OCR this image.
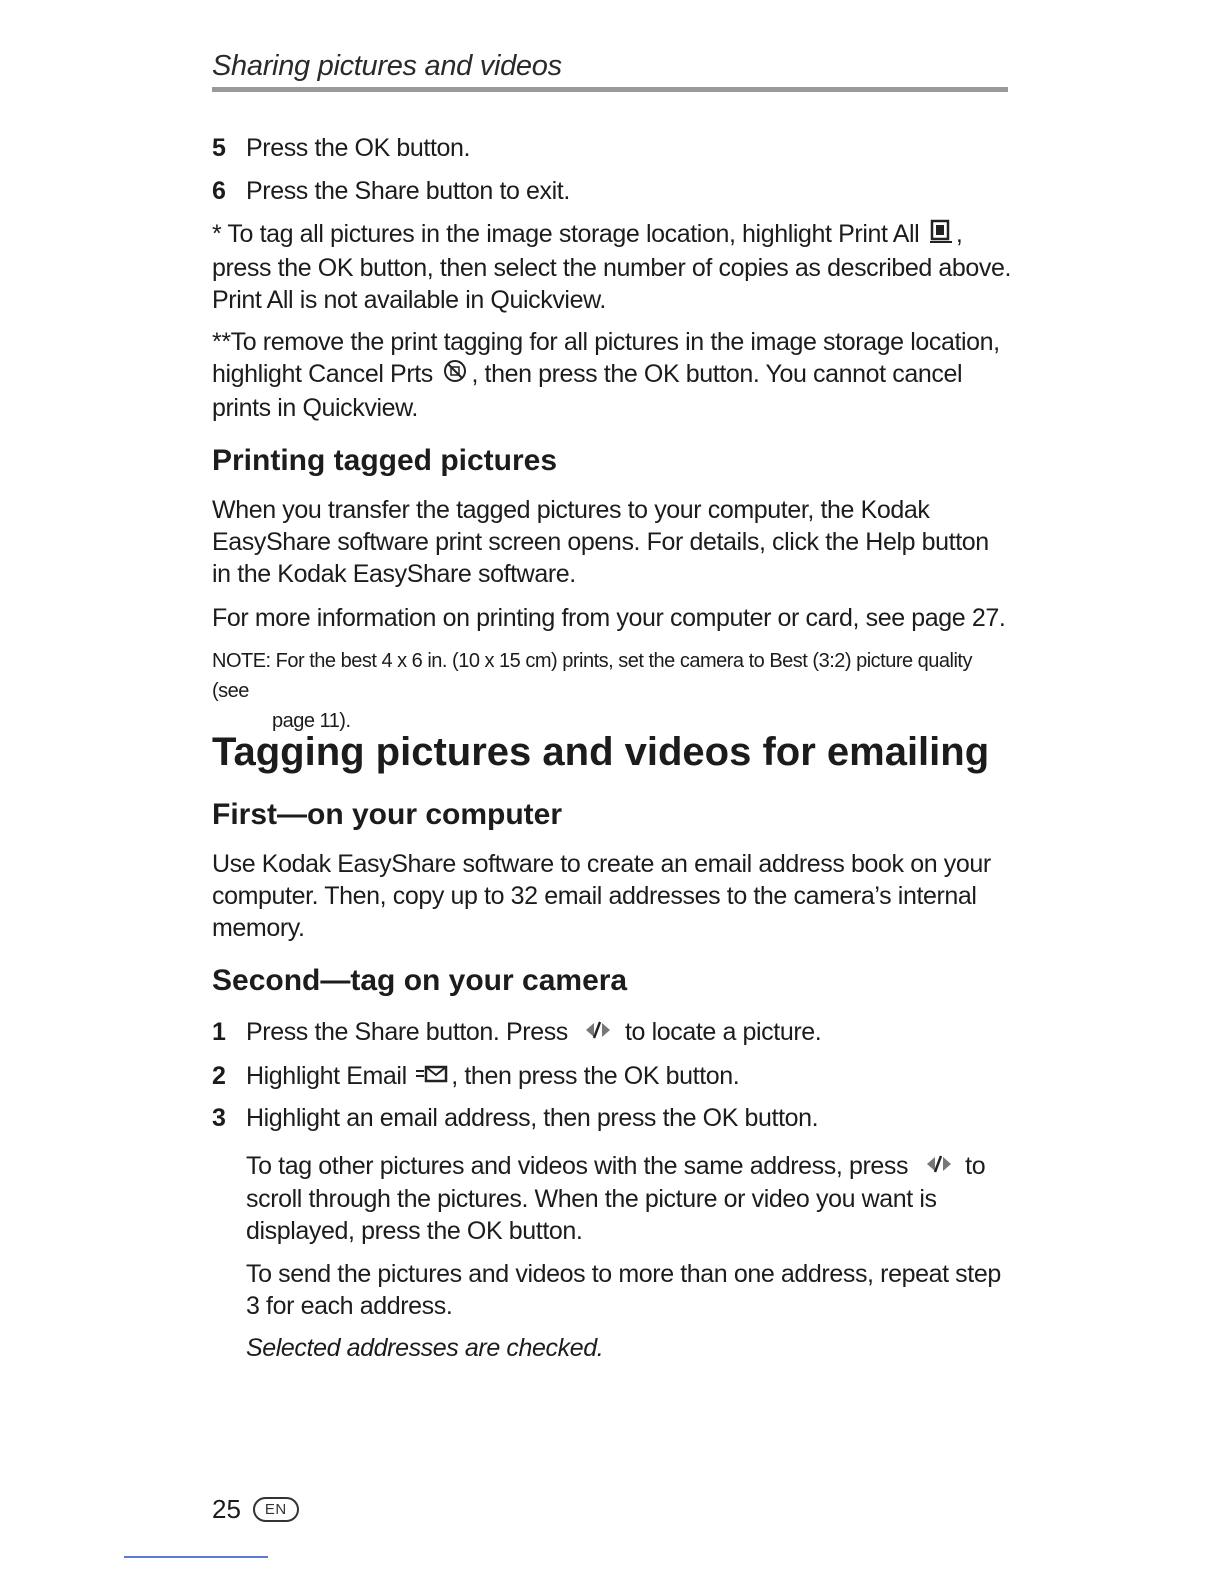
Sharing pictures and videos
5 Press the OK button.
6 Press the Share button to exit.

* To tag all pictures in the image storage location, highlight Print All , press the OK button, then select the number of copies as described above. Print All is not available in Quickview.

**To remove the print tagging for all pictures in the image storage location, highlight Cancel Prts , then press the OK button. You cannot cancel prints in Quickview.

Printing tagged pictures

When you transfer the tagged pictures to your computer, the Kodak EasyShare software print screen opens. For details, click the Help button in the Kodak EasyShare software.

For more information on printing from your computer or card, see page 27.

NOTE: For the best 4 x 6 in. (10 x 15 cm) prints, set the camera to Best (3:2) picture quality (see
page 11).
Tagging pictures and videos for emailing
First—on your computer

Use Kodak EasyShare software to create an email address book on your computer. Then, copy up to 32 email addresses to the camera’s internal memory.

Second—tag on your camera
1 Press the Share button. Press to locate a picture.
2 Highlight Email , then press the OK button.
3 Highlight an email address, then press the OK button.

To tag other pictures and videos with the same address, press to scroll through the pictures. When the picture or video you want is displayed, press the OK button.

To send the pictures and videos to more than one address, repeat step 3 for each address.

Selected addresses are checked.

25	EN
